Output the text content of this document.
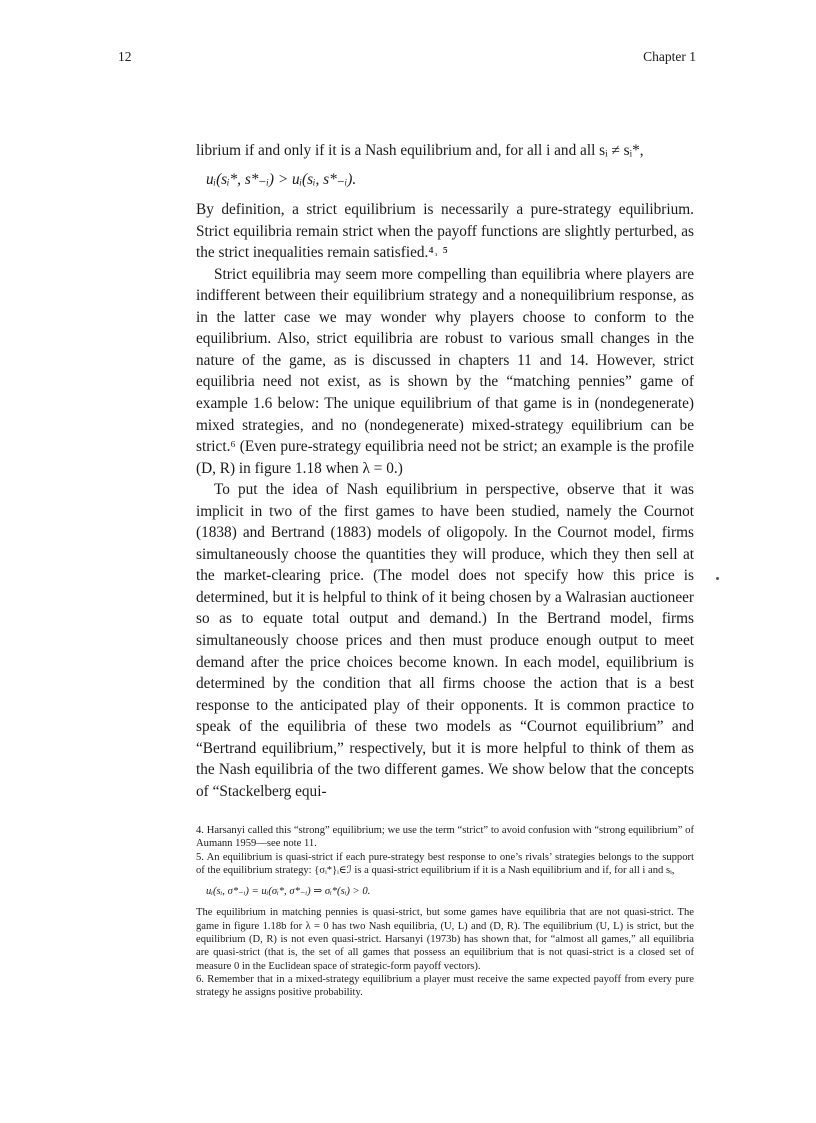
12	Chapter 1

librium if and only if it is a Nash equilibrium and, for all i and all sᵢ ≠ sᵢ*,

uᵢ(sᵢ*, s*₋ᵢ) > uᵢ(sᵢ, s*₋ᵢ).

By definition, a strict equilibrium is necessarily a pure-strategy equilibrium. Strict equilibria remain strict when the payoff functions are slightly perturbed, as the strict inequalities remain satisfied.⁴˒ ⁵

Strict equilibria may seem more compelling than equilibria where players are indifferent between their equilibrium strategy and a nonequilibrium response, as in the latter case we may wonder why players choose to conform to the equilibrium. Also, strict equilibria are robust to various small changes in the nature of the game, as is discussed in chapters 11 and 14. However, strict equilibria need not exist, as is shown by the “matching pennies” game of example 1.6 below: The unique equilibrium of that game is in (nondegenerate) mixed strategies, and no (nondegenerate) mixed-strategy equilibrium can be strict.⁶ (Even pure-strategy equilibria need not be strict; an example is the profile (D, R) in figure 1.18 when λ = 0.)

To put the idea of Nash equilibrium in perspective, observe that it was implicit in two of the first games to have been studied, namely the Cournot (1838) and Bertrand (1883) models of oligopoly. In the Cournot model, firms simultaneously choose the quantities they will produce, which they then sell at the market-clearing price. (The model does not specify how this price is determined, but it is helpful to think of it being chosen by a Walrasian auctioneer so as to equate total output and demand.) In the Bertrand model, firms simultaneously choose prices and then must produce enough output to meet demand after the price choices become known. In each model, equilibrium is determined by the condition that all firms choose the action that is a best response to the anticipated play of their opponents. It is common practice to speak of the equilibria of these two models as “Cournot equilibrium” and “Bertrand equilibrium,” respectively, but it is more helpful to think of them as the Nash equilibria of the two different games. We show below that the concepts of “Stackelberg equi-

4. Harsanyi called this “strong” equilibrium; we use the term “strict” to avoid confusion with “strong equilibrium” of Aumann 1959—see note 11.

5. An equilibrium is quasi-strict if each pure-strategy best response to one’s rivals’ strategies belongs to the support of the equilibrium strategy: {σᵢ*}ᵢ∈ℐ is a quasi-strict equilibrium if it is a Nash equilibrium and if, for all i and sᵢ,

uᵢ(sᵢ, σ*₋ᵢ) = uᵢ(σᵢ*, σ*₋ᵢ) ⇒ σᵢ*(sᵢ) > 0.

The equilibrium in matching pennies is quasi-strict, but some games have equilibria that are not quasi-strict. The game in figure 1.18b for λ = 0 has two Nash equilibria, (U, L) and (D, R). The equilibrium (U, L) is strict, but the equilibrium (D, R) is not even quasi-strict. Harsanyi (1973b) has shown that, for “almost all games,” all equilibria are quasi-strict (that is, the set of all games that possess an equilibrium that is not quasi-strict is a closed set of measure 0 in the Euclidean space of strategic-form payoff vectors).

6. Remember that in a mixed-strategy equilibrium a player must receive the same expected payoff from every pure strategy he assigns positive probability.
